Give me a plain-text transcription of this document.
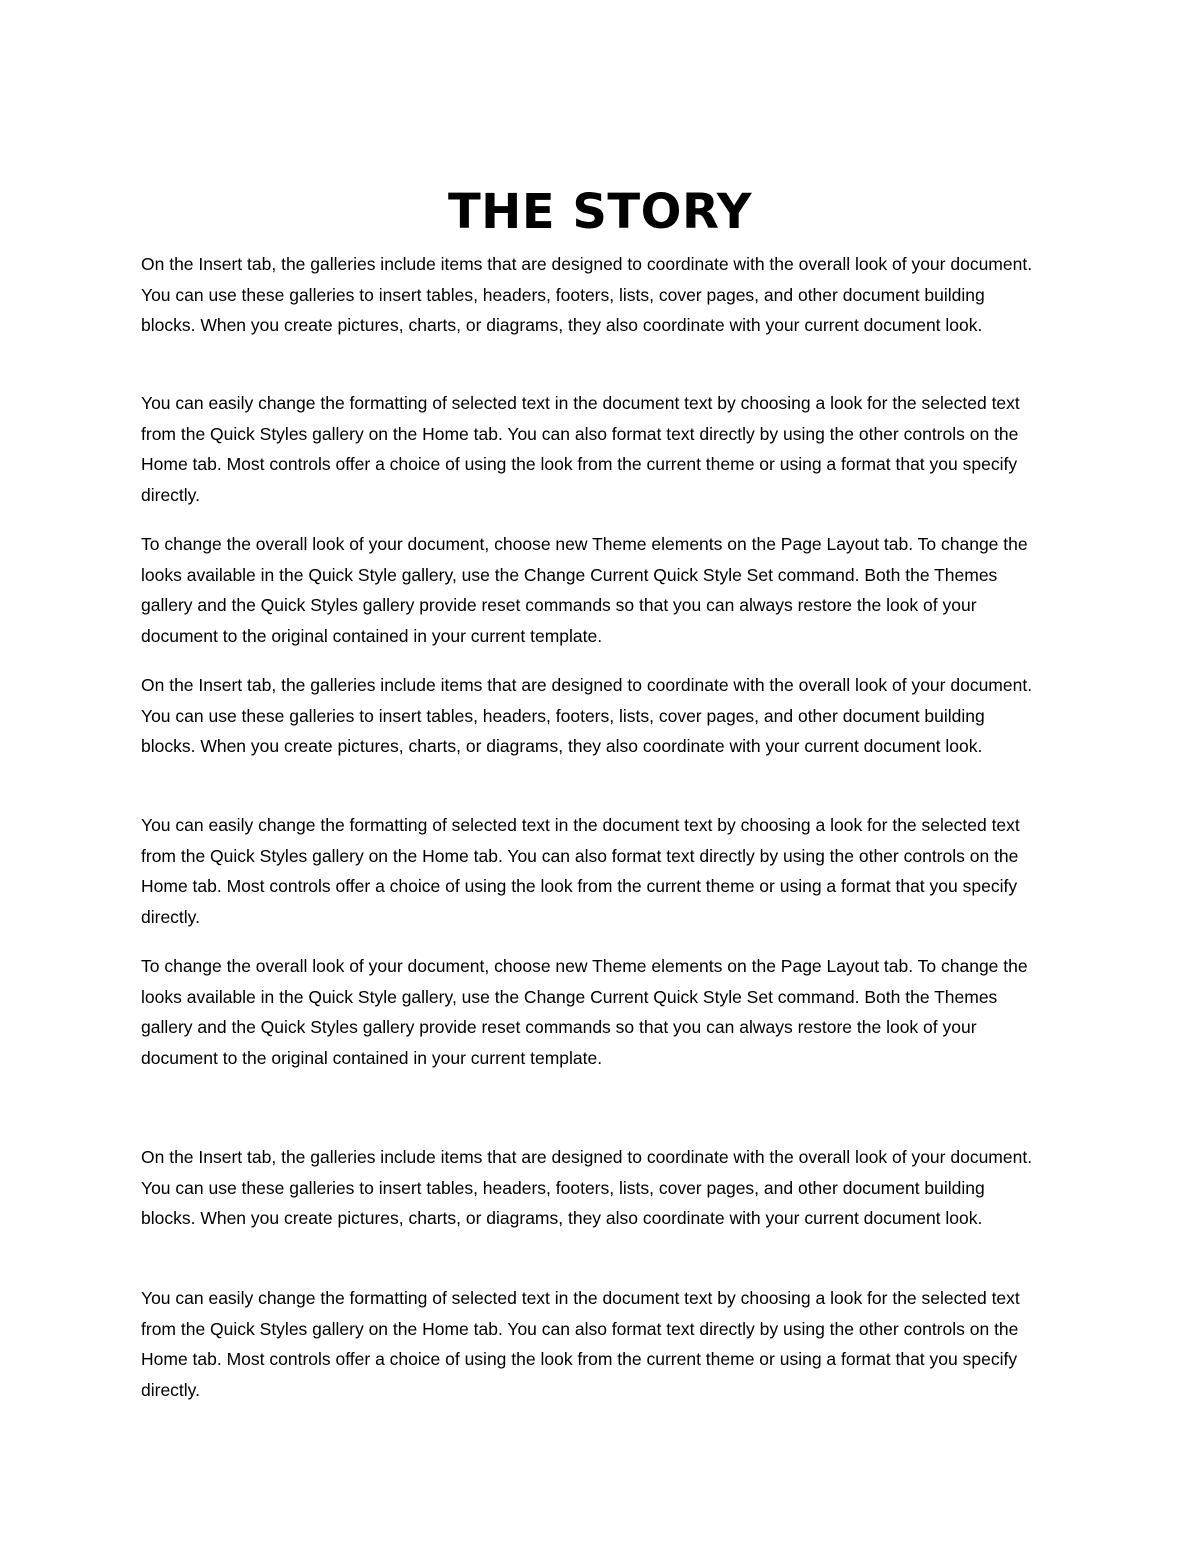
THE STORY

On the Insert tab, the galleries include items that are designed to coordinate with the overall look of your document. You can use these galleries to insert tables, headers, footers, lists, cover pages, and other document building blocks. When you create pictures, charts, or diagrams, they also coordinate with your current document look.

You can easily change the formatting of selected text in the document text by choosing a look for the selected text from the Quick Styles gallery on the Home tab. You can also format text directly by using the other controls on the Home tab. Most controls offer a choice of using the look from the current theme or using a format that you specify directly.

To change the overall look of your document, choose new Theme elements on the Page Layout tab. To change the looks available in the Quick Style gallery, use the Change Current Quick Style Set command. Both the Themes gallery and the Quick Styles gallery provide reset commands so that you can always restore the look of your document to the original contained in your current template.

On the Insert tab, the galleries include items that are designed to coordinate with the overall look of your document. You can use these galleries to insert tables, headers, footers, lists, cover pages, and other document building blocks. When you create pictures, charts, or diagrams, they also coordinate with your current document look.

You can easily change the formatting of selected text in the document text by choosing a look for the selected text from the Quick Styles gallery on the Home tab. You can also format text directly by using the other controls on the Home tab. Most controls offer a choice of using the look from the current theme or using a format that you specify directly.

To change the overall look of your document, choose new Theme elements on the Page Layout tab. To change the looks available in the Quick Style gallery, use the Change Current Quick Style Set command. Both the Themes gallery and the Quick Styles gallery provide reset commands so that you can always restore the look of your document to the original contained in your current template.

On the Insert tab, the galleries include items that are designed to coordinate with the overall look of your document. You can use these galleries to insert tables, headers, footers, lists, cover pages, and other document building blocks. When you create pictures, charts, or diagrams, they also coordinate with your current document look.

You can easily change the formatting of selected text in the document text by choosing a look for the selected text from the Quick Styles gallery on the Home tab. You can also format text directly by using the other controls on the Home tab. Most controls offer a choice of using the look from the current theme or using a format that you specify directly.
